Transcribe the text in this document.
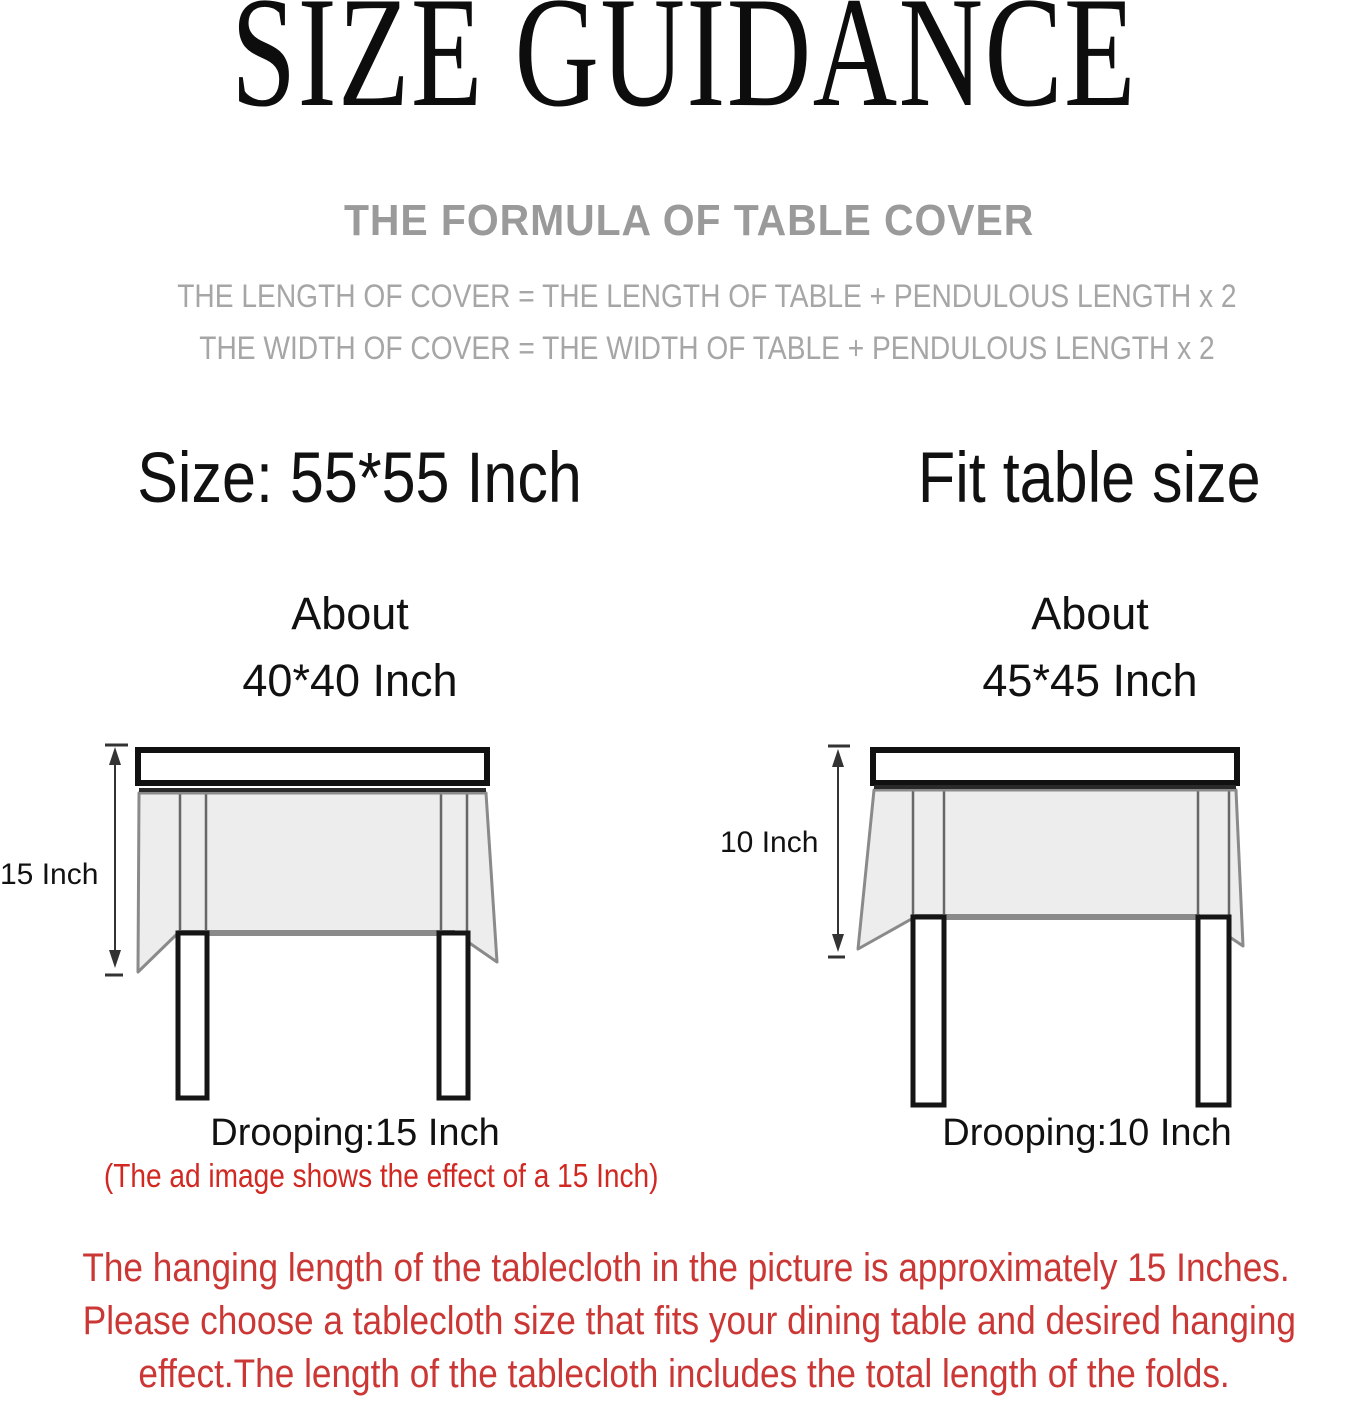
SIZE GUIDANCE
THE FORMULA OF TABLE COVER
THE LENGTH OF COVER = THE LENGTH OF TABLE + PENDULOUS LENGTH x 2
THE WIDTH OF COVER = THE WIDTH OF TABLE + PENDULOUS LENGTH x 2
Size: 55*55 Inch	Fit table size
About
40*40 Inch
About
45*45 Inch
15 Inch
10 Inch
Drooping:15 Inch	Drooping:10 Inch
(The ad image shows the effect of a 15 Inch)
The hanging length of the tablecloth in the picture is approximately 15 Inches.
Please choose a tablecloth size that fits your dining table and desired hanging
effect.The length of the tablecloth includes the total length of the folds.
